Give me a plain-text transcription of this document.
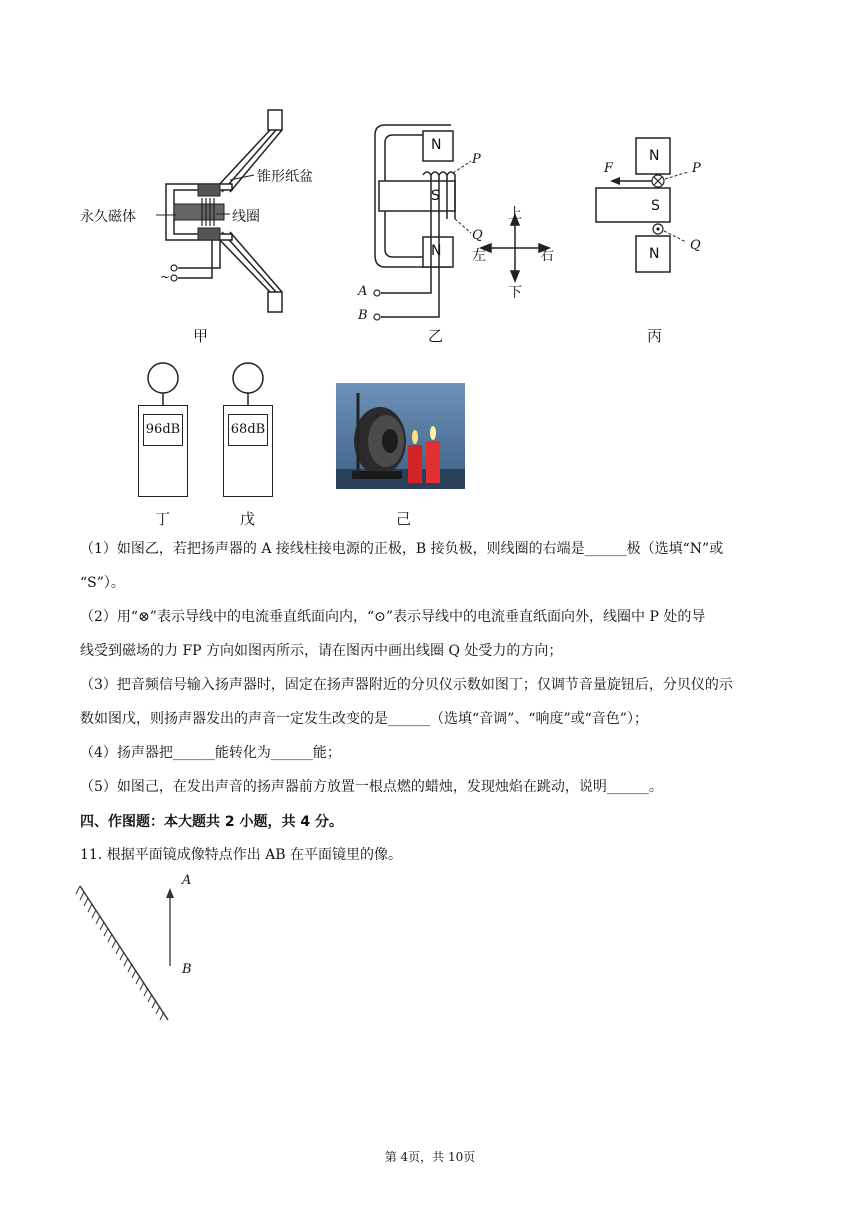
锥形纸盆
永久磁体	线圈
~
甲
N
S
N
P
Q
A
B
上
下
左	右
乙
N
S
N
F	P
Q
丙
96dB
丁
68dB
戊	己
（1）如图乙，若把扬声器的 A 接线柱接电源的正极，B 接负极，则线圈的右端是______极（选填“N”或
“S”）。
（2）用“⊗”表示导线中的电流垂直纸面向内，“⊙”表示导线中的电流垂直纸面向外，线圈中 P 处的导
线受到磁场的力 FP 方向如图丙所示，请在图丙中画出线圈 Q 处受力的方向；
（3）把音频信号输入扬声器时，固定在扬声器附近的分贝仪示数如图丁；仅调节音量旋钮后，分贝仪的示
数如图戊，则扬声器发出的声音一定发生改变的是______（选填“音调”、“响度”或“音色”）；
（4）扬声器把______能转化为______能；
（5）如图己，在发出声音的扬声器前方放置一根点燃的蜡烛，发现烛焰在跳动，说明______。
四、作图题：本大题共 2 小题，共 4 分。
11. 根据平面镜成像特点作出 AB 在平面镜里的像。
A
B
第 4页，共 10页
